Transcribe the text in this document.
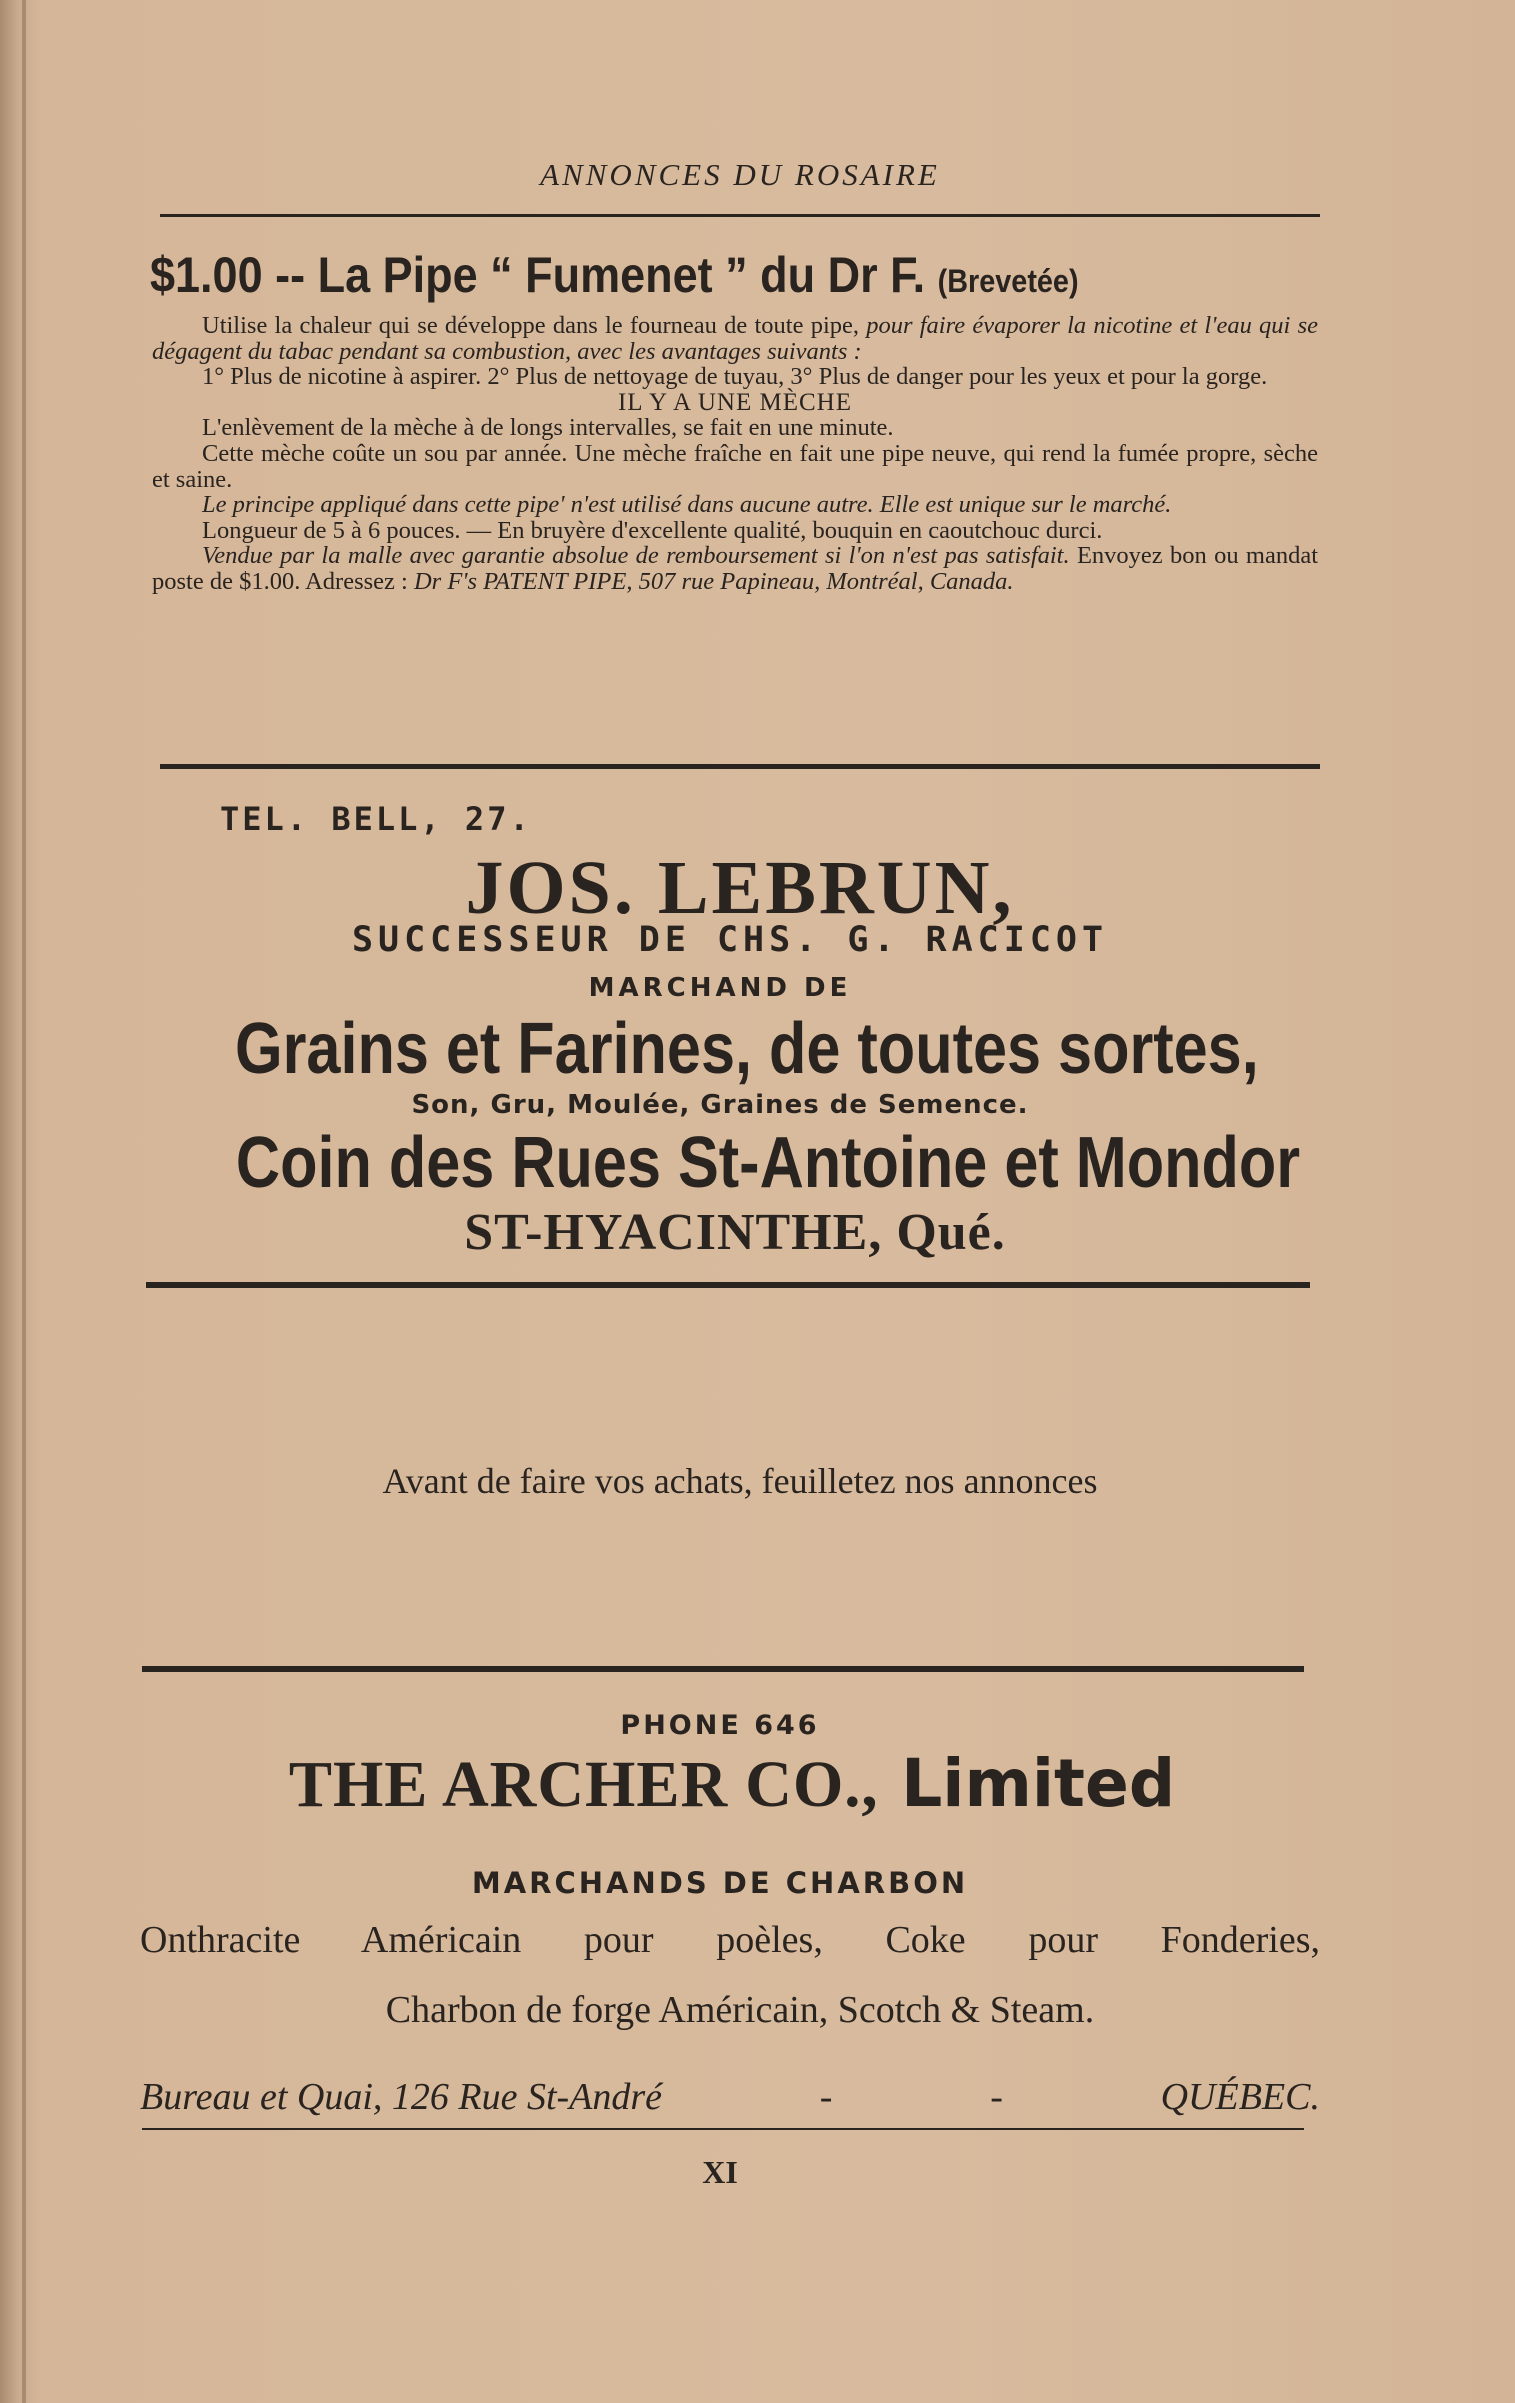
ANNONCES DU ROSAIRE
$1.00 -- La Pipe “ Fumenet ” du Dr F. (Brevetée)

Utilise la chaleur qui se développe dans le fourneau de toute pipe, pour faire évaporer la nicotine et l'eau qui se dégagent du tabac pendant sa combustion, avec les avantages suivants :

1° Plus de nicotine à aspirer. 2° Plus de nettoyage de tuyau, 3° Plus de danger pour les yeux et pour la gorge.

IL Y A UNE MÈCHE

L'enlèvement de la mèche à de longs intervalles, se fait en une minute.

Cette mèche coûte un sou par année. Une mèche fraîche en fait une pipe neuve, qui rend la fumée propre, sèche et saine.

Le principe appliqué dans cette pipe' n'est utilisé dans aucune autre. Elle est unique sur le marché.

Longueur de 5 à 6 pouces. — En bruyère d'excellente qualité, bouquin en caoutchouc durci.

Vendue par la malle avec garantie absolue de remboursement si l'on n'est pas satisfait. Envoyez bon ou mandat poste de $1.00. Adressez : Dr F's PATENT PIPE, 507 rue Papineau, Montréal, Canada.

TEL. BELL, 27.
JOS. LEBRUN,
SUCCESSEUR DE CHS. G. RACICOT
MARCHAND DE
Grains et Farines, de toutes sortes,
Son, Gru, Moulée, Graines de Semence.
Coin des Rues St-Antoine et Mondor
ST-HYACINTHE, Qué.
Avant de faire vos achats, feuilletez nos annonces
PHONE 646
THE ARCHER CO., Limited
MARCHANDS DE CHARBON
Onthracite Américain pour poèles, Coke pour Fonderies,
Charbon de forge Américain, Scotch & Steam.
Bureau et Quai, 126 Rue St-André	-	-	QUÉBEC.
XI
